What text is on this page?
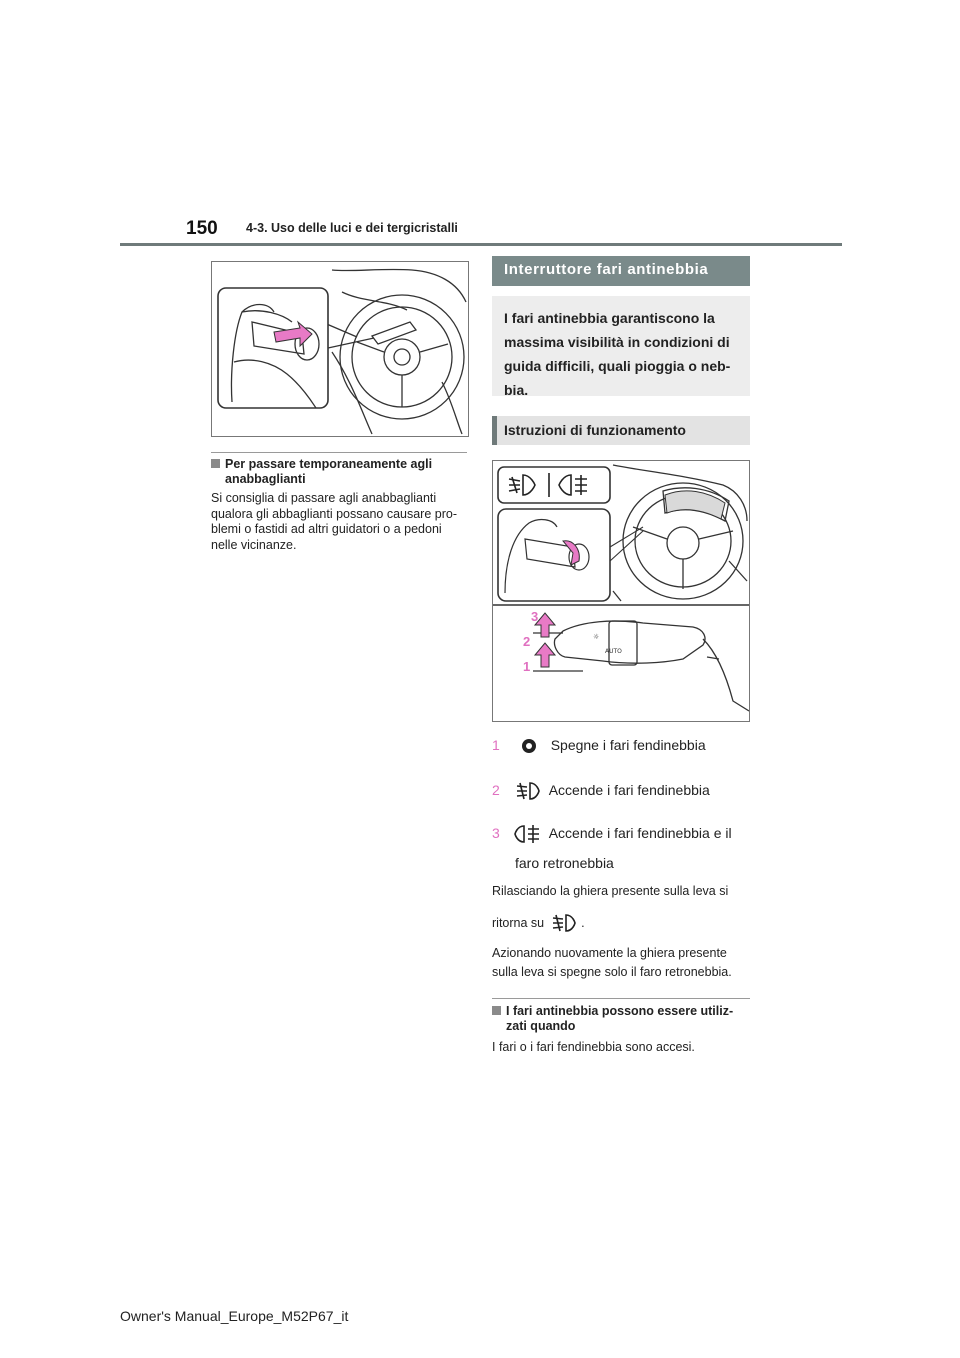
150 4-3. Uso delle luci e dei tergicristalli
Per passare temporaneamente agli
anabbaglianti
Si consiglia di passare agli anabbaglianti
qualora gli abbaglianti possano causare pro-
blemi o fastidi ad altri guidatori o a pedoni
nelle vicinanze.
Interruttore fari antinebbia
I fari antinebbia garantiscono la
massima visibilità in condizioni di
guida difficili, quali pioggia o neb-
bia.
Istruzioni di funzionamento
☼
AUTO
3
2
1
1	Spegne i fari fendinebbia
2	Accende i fari fendinebbia
3	Accende i fari fendinebbia e il
faro retronebbia
Rilasciando la ghiera presente sulla leva si
ritorna su	.
Azionando nuovamente la ghiera presente
sulla leva si spegne solo il faro retronebbia.
I fari antinebbia possono essere utiliz-
zati quando
I fari o i fari fendinebbia sono accesi.
Owner's Manual_Europe_M52P67_it
